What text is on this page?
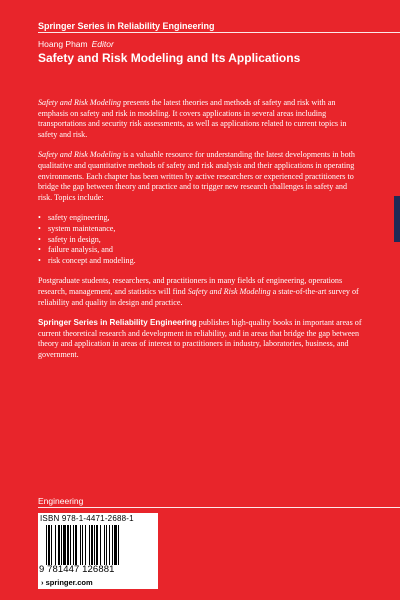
Springer Series in Reliability Engineering
Hoang Pham Editor
Safety and Risk Modeling and Its Applications

Safety and Risk Modeling presents the latest theories and methods of safety and risk with an emphasis on safety and risk in modeling. It covers applications in several areas including transportations and security risk assessments, as well as applications related to current topics in safety and risk.

Safety and Risk Modeling is a valuable resource for understanding the latest developments in both qualitative and quantitative methods of safety and risk analysis and their applications in operating environments. Each chapter has been written by active researchers or experienced practitioners to bridge the gap between theory and practice and to trigger new research challenges in safety and risk. Topics include:

• safety engineering,
• system maintenance,
• safety in design,
• failure analysis, and
• risk concept and modeling.

Postgraduate students, researchers, and practitioners in many fields of engineering, operations research, management, and statistics will find Safety and Risk Modeling a state-of-the-art survey of reliability and quality in design and practice.

Springer Series in Reliability Engineering publishes high-quality books in important areas of current theoretical research and development in reliability, and in areas that bridge the gap between theory and application in areas of interest to practitioners in industry, laboratories, business, and government.

Engineering
ISBN 978-1-4471-2688-1
9 781447 126881
› springer.com
